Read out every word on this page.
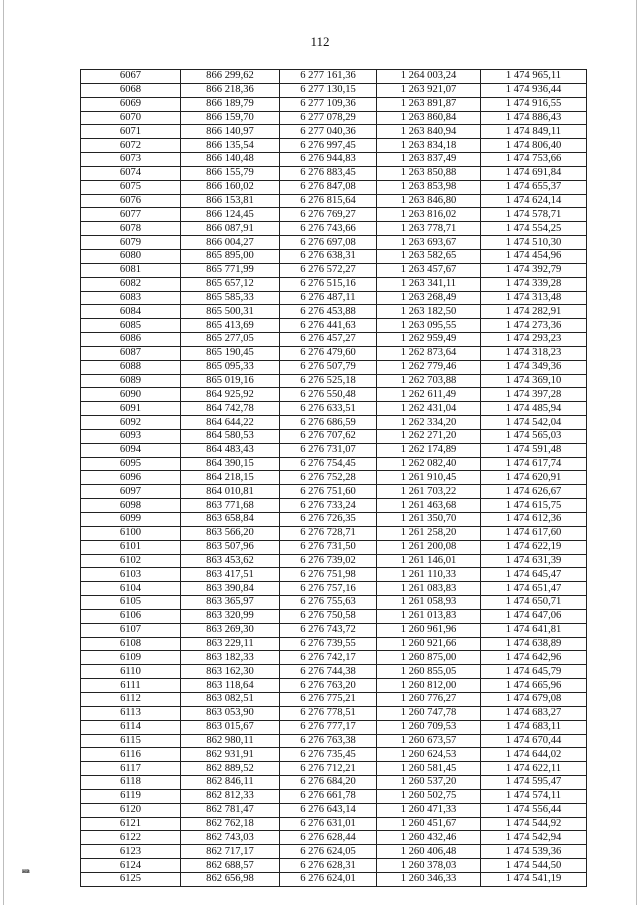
112
6067	866 299,62	6 277 161,36	1 264 003,24	1 474 965,11
6068	866 218,36	6 277 130,15	1 263 921,07	1 474 936,44
6069	866 189,79	6 277 109,36	1 263 891,87	1 474 916,55
6070	866 159,70	6 277 078,29	1 263 860,84	1 474 886,43
6071	866 140,97	6 277 040,36	1 263 840,94	1 474 849,11
6072	866 135,54	6 276 997,45	1 263 834,18	1 474 806,40
6073	866 140,48	6 276 944,83	1 263 837,49	1 474 753,66
6074	866 155,79	6 276 883,45	1 263 850,88	1 474 691,84
6075	866 160,02	6 276 847,08	1 263 853,98	1 474 655,37
6076	866 153,81	6 276 815,64	1 263 846,80	1 474 624,14
6077	866 124,45	6 276 769,27	1 263 816,02	1 474 578,71
6078	866 087,91	6 276 743,66	1 263 778,71	1 474 554,25
6079	866 004,27	6 276 697,08	1 263 693,67	1 474 510,30
6080	865 895,00	6 276 638,31	1 263 582,65	1 474 454,96
6081	865 771,99	6 276 572,27	1 263 457,67	1 474 392,79
6082	865 657,12	6 276 515,16	1 263 341,11	1 474 339,28
6083	865 585,33	6 276 487,11	1 263 268,49	1 474 313,48
6084	865 500,31	6 276 453,88	1 263 182,50	1 474 282,91
6085	865 413,69	6 276 441,63	1 263 095,55	1 474 273,36
6086	865 277,05	6 276 457,27	1 262 959,49	1 474 293,23
6087	865 190,45	6 276 479,60	1 262 873,64	1 474 318,23
6088	865 095,33	6 276 507,79	1 262 779,46	1 474 349,36
6089	865 019,16	6 276 525,18	1 262 703,88	1 474 369,10
6090	864 925,92	6 276 550,48	1 262 611,49	1 474 397,28
6091	864 742,78	6 276 633,51	1 262 431,04	1 474 485,94
6092	864 644,22	6 276 686,59	1 262 334,20	1 474 542,04
6093	864 580,53	6 276 707,62	1 262 271,20	1 474 565,03
6094	864 483,43	6 276 731,07	1 262 174,89	1 474 591,48
6095	864 390,15	6 276 754,45	1 262 082,40	1 474 617,74
6096	864 218,15	6 276 752,28	1 261 910,45	1 474 620,91
6097	864 010,81	6 276 751,60	1 261 703,22	1 474 626,67
6098	863 771,68	6 276 733,24	1 261 463,68	1 474 615,75
6099	863 658,84	6 276 726,35	1 261 350,70	1 474 612,36
6100	863 566,20	6 276 728,71	1 261 258,20	1 474 617,60
6101	863 507,96	6 276 731,50	1 261 200,08	1 474 622,19
6102	863 453,62	6 276 739,02	1 261 146,01	1 474 631,39
6103	863 417,51	6 276 751,98	1 261 110,33	1 474 645,47
6104	863 390,84	6 276 757,16	1 261 083,83	1 474 651,47
6105	863 365,97	6 276 755,63	1 261 058,93	1 474 650,71
6106	863 320,99	6 276 750,58	1 261 013,83	1 474 647,06
6107	863 269,30	6 276 743,72	1 260 961,96	1 474 641,81
6108	863 229,11	6 276 739,55	1 260 921,66	1 474 638,89
6109	863 182,33	6 276 742,17	1 260 875,00	1 474 642,96
6110	863 162,30	6 276 744,38	1 260 855,05	1 474 645,79
6111	863 118,64	6 276 763,20	1 260 812,00	1 474 665,96
6112	863 082,51	6 276 775,21	1 260 776,27	1 474 679,08
6113	863 053,90	6 276 778,51	1 260 747,78	1 474 683,27
6114	863 015,67	6 276 777,17	1 260 709,53	1 474 683,11
6115	862 980,11	6 276 763,38	1 260 673,57	1 474 670,44
6116	862 931,91	6 276 735,45	1 260 624,53	1 474 644,02
6117	862 889,52	6 276 712,21	1 260 581,45	1 474 622,11
6118	862 846,11	6 276 684,20	1 260 537,20	1 474 595,47
6119	862 812,33	6 276 661,78	1 260 502,75	1 474 574,11
6120	862 781,47	6 276 643,14	1 260 471,33	1 474 556,44
6121	862 762,18	6 276 631,01	1 260 451,67	1 474 544,92
6122	862 743,03	6 276 628,44	1 260 432,46	1 474 542,94
6123	862 717,17	6 276 624,05	1 260 406,48	1 474 539,36
6124	862 688,57	6 276 628,31	1 260 378,03	1 474 544,50
6125	862 656,98	6 276 624,01	1 260 346,33	1 474 541,19
нв
